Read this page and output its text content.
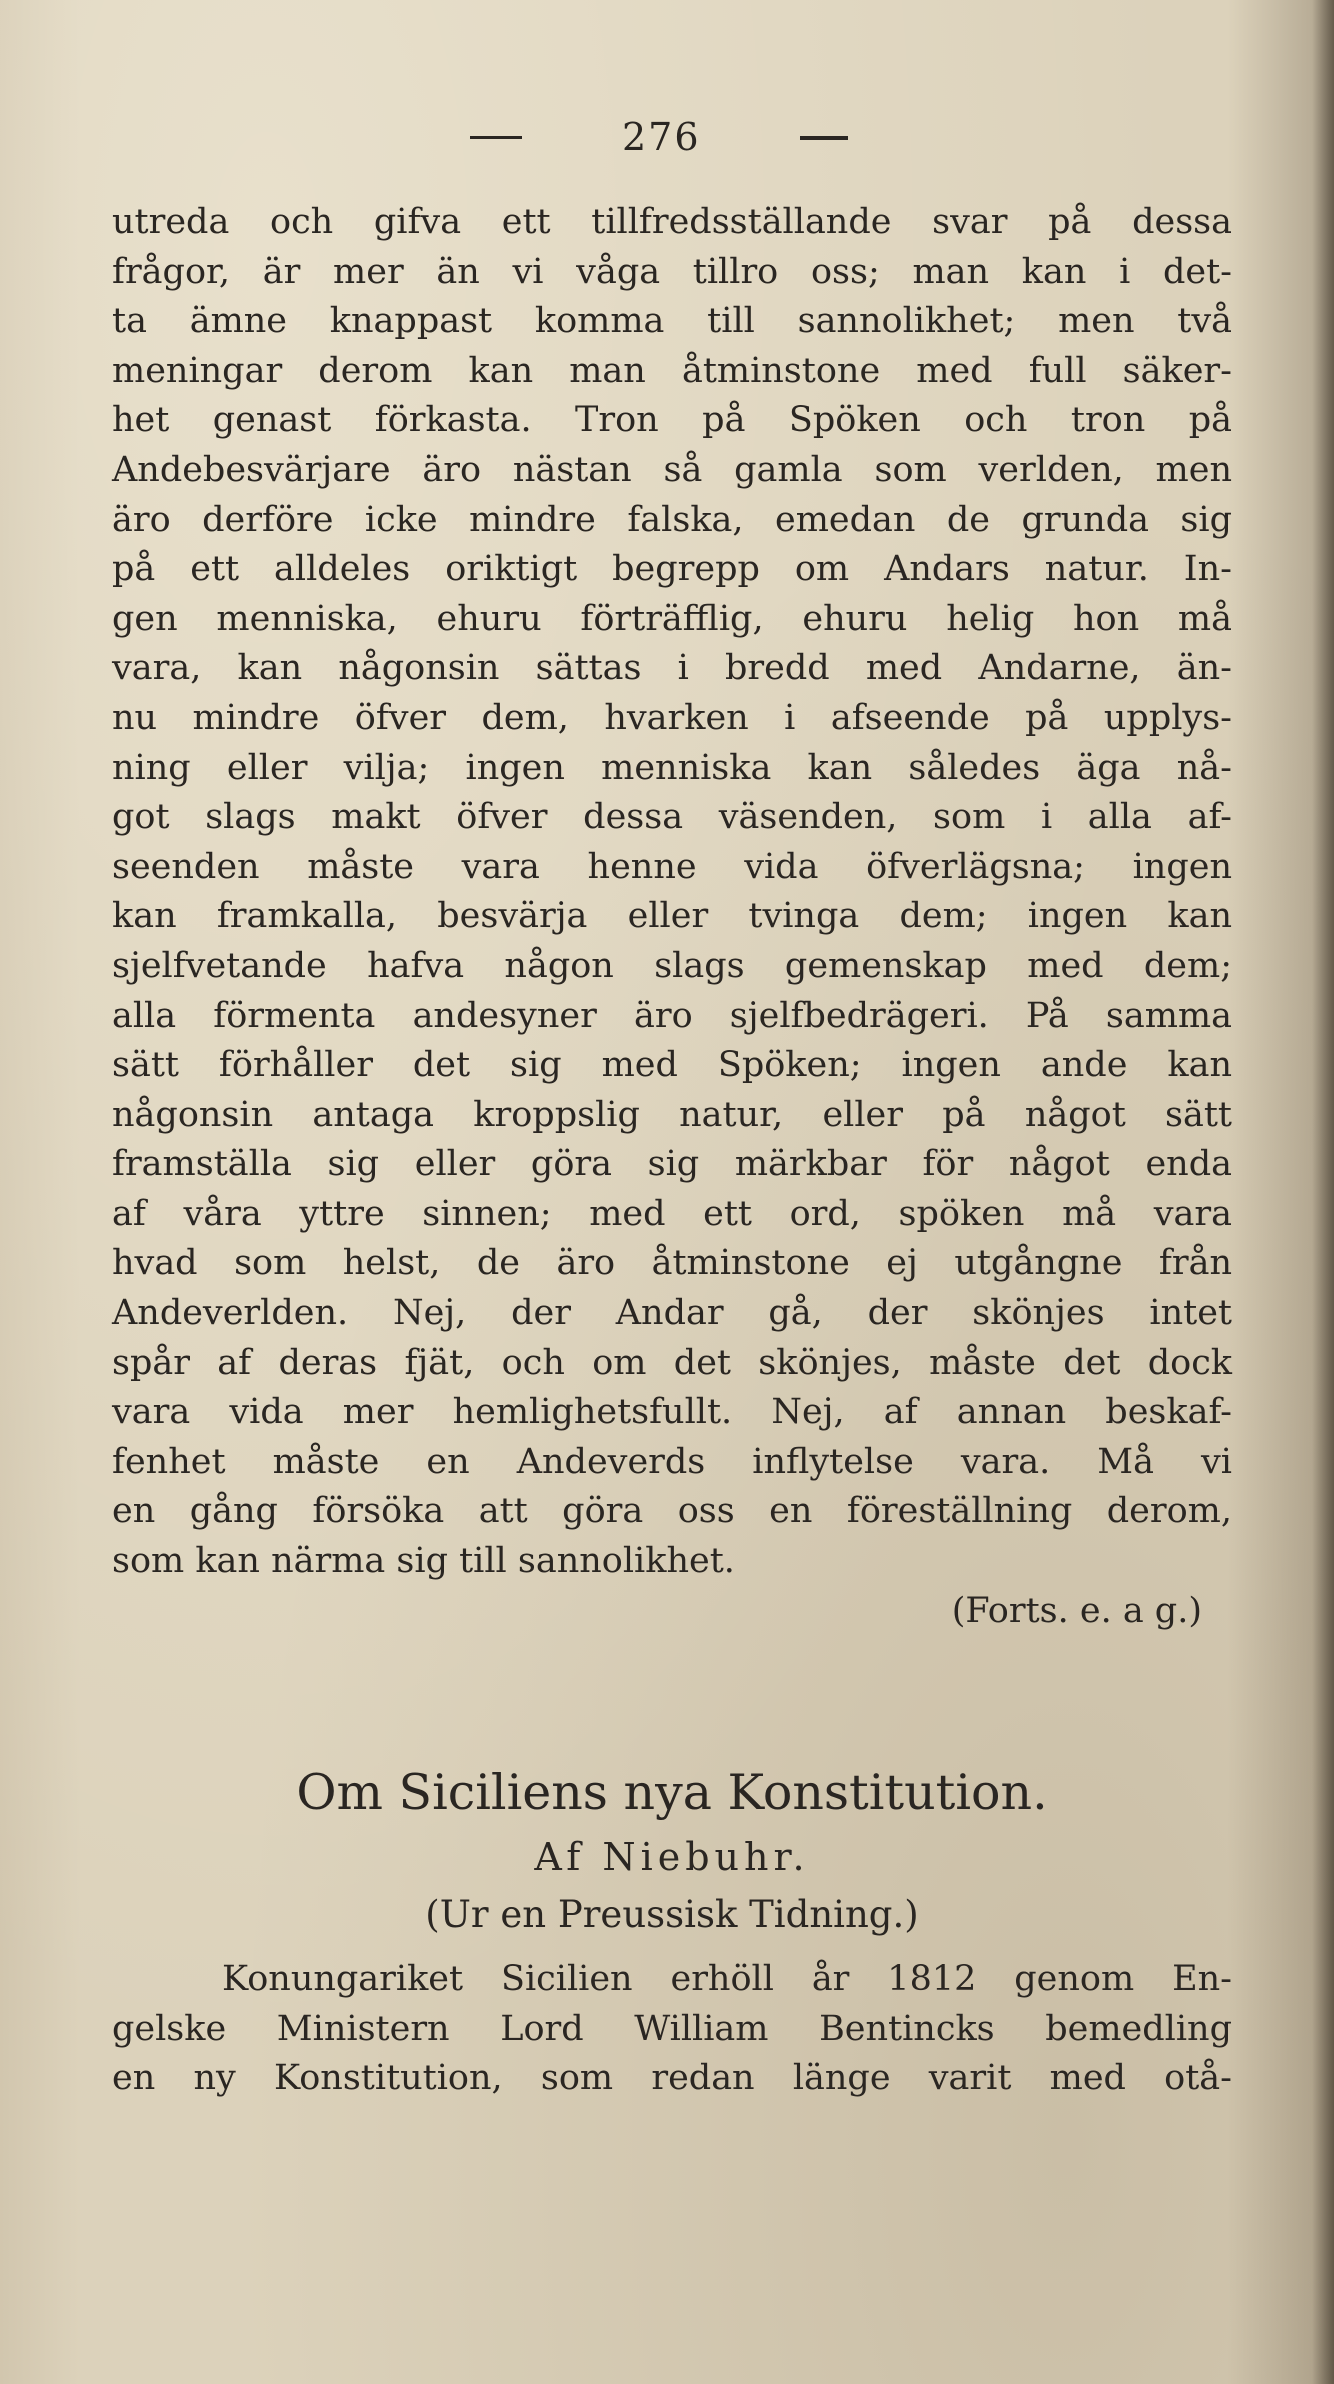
276
utreda och gifva ett tillfredsställande svar på dessa
frågor, är mer än vi våga tillro oss; man kan i det-
ta ämne knappast komma till sannolikhet; men två
meningar derom kan man åtminstone med full säker-
het genast förkasta. Tron på Spöken och tron på
Andebesvärjare äro nästan så gamla som verlden, men
äro derföre icke mindre falska, emedan de grunda sig
på ett alldeles oriktigt begrepp om Andars natur. In-
gen menniska, ehuru förträfflig, ehuru helig hon må
vara, kan någonsin sättas i bredd med Andarne, än-
nu mindre öfver dem, hvarken i afseende på upplys-
ning eller vilja; ingen menniska kan således äga nå-
got slags makt öfver dessa väsenden, som i alla af-
seenden måste vara henne vida öfverlägsna; ingen
kan framkalla, besvärja eller tvinga dem; ingen kan
sjelfvetande hafva någon slags gemenskap med dem;
alla förmenta andesyner äro sjelfbedrägeri. På samma
sätt förhåller det sig med Spöken; ingen ande kan
någonsin antaga kroppslig natur, eller på något sätt
framställa sig eller göra sig märkbar för något enda
af våra yttre sinnen; med ett ord, spöken må vara
hvad som helst, de äro åtminstone ej utgångne från
Andeverlden. Nej, der Andar gå, der skönjes intet
spår af deras fjät, och om det skönjes, måste det dock
vara vida mer hemlighetsfullt. Nej, af annan beskaf-
fenhet måste en Andeverds inflytelse vara. Må vi
en gång försöka att göra oss en föreställning derom,
som kan närma sig till sannolikhet.
(Forts. e. a g.)
Om Siciliens nya Konstitution.
Af Niebuhr.
(Ur en Preussisk Tidning.)
Konungariket Sicilien erhöll år 1812 genom En-
gelske Ministern Lord William Bentincks bemedling
en ny Konstitution, som redan länge varit med otå-
